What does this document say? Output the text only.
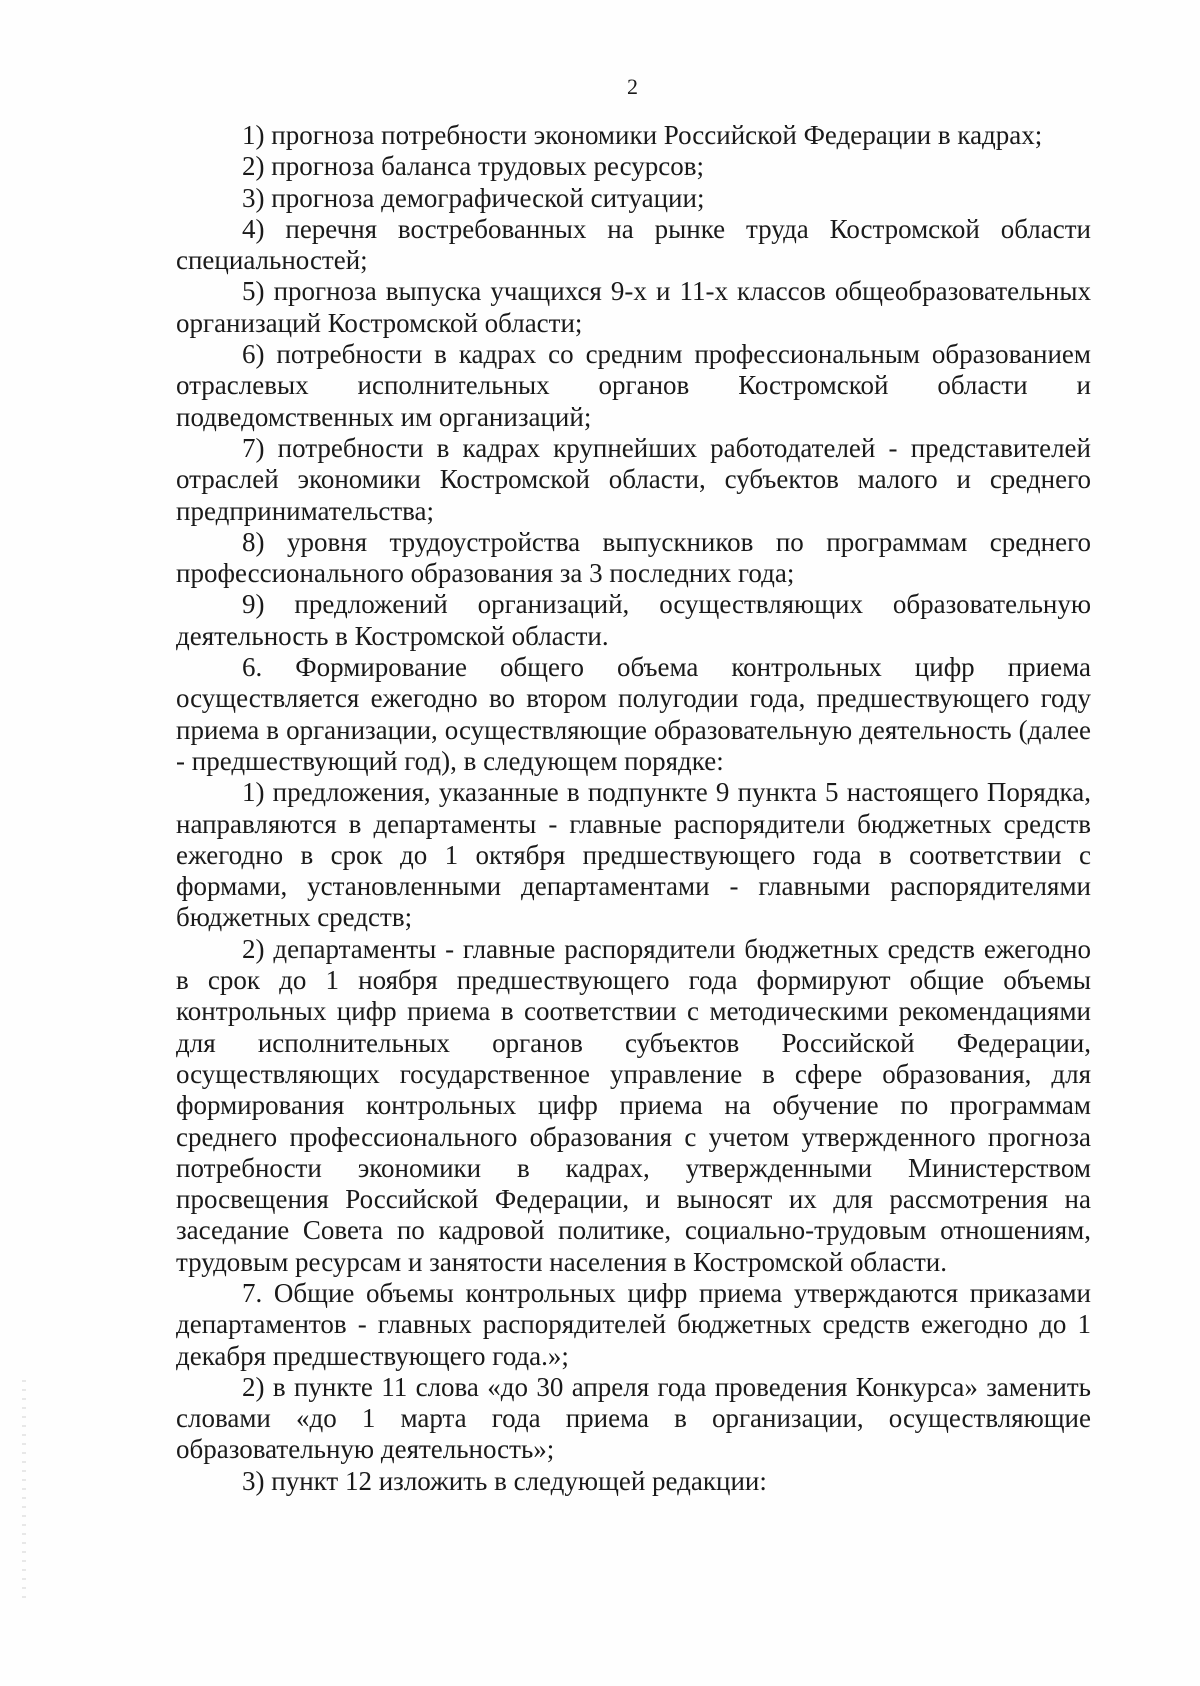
2

1) прогноза потребности экономики Российской Федерации в кадрах;

2) прогноза баланса трудовых ресурсов;

3) прогноза демографической ситуации;

4) перечня востребованных на рынке труда Костромской области специальностей;

5) прогноза выпуска учащихся 9-х и 11-х классов общеобразовательных организаций Костромской области;

6) потребности в кадрах со средним профессиональным образованием отраслевых исполнительных органов Костромской области и подведомственных им организаций;

7) потребности в кадрах крупнейших работодателей - представителей отраслей экономики Костромской области, субъектов малого и среднего предпринимательства;

8) уровня трудоустройства выпускников по программам среднего профессионального образования за 3 последних года;

9) предложений организаций, осуществляющих образовательную деятельность в Костромской области.

6. Формирование общего объема контрольных цифр приема осуществляется ежегодно во втором полугодии года, предшествующего году приема в организации, осуществляющие образовательную деятельность (далее - предшествующий год), в следующем порядке:

1) предложения, указанные в подпункте 9 пункта 5 настоящего Порядка, направляются в департаменты - главные распорядители бюджетных средств ежегодно в срок до 1 октября предшествующего года в соответствии с формами, установленными департаментами - главными распорядителями бюджетных средств;

2) департаменты - главные распорядители бюджетных средств ежегодно в срок до 1 ноября предшествующего года формируют общие объемы контрольных цифр приема в соответствии с методическими рекомендациями для исполнительных органов субъектов Российской Федерации, осуществляющих государственное управление в сфере образования, для формирования контрольных цифр приема на обучение по программам среднего профессионального образования с учетом утвержденного прогноза потребности экономики в кадрах, утвержденными Министерством просвещения Российской Федерации, и выносят их для рассмотрения на заседание Совета по кадровой политике, социально-трудовым отношениям, трудовым ресурсам и занятости населения в Костромской области.

7. Общие объемы контрольных цифр приема утверждаются приказами департаментов - главных распорядителей бюджетных средств ежегодно до 1 декабря предшествующего года.»;

2) в пункте 11 слова «до 30 апреля года проведения Конкурса» заменить словами «до 1 марта года приема в организации, осуществляющие образовательную деятельность»;

3) пункт 12 изложить в следующей редакции:
